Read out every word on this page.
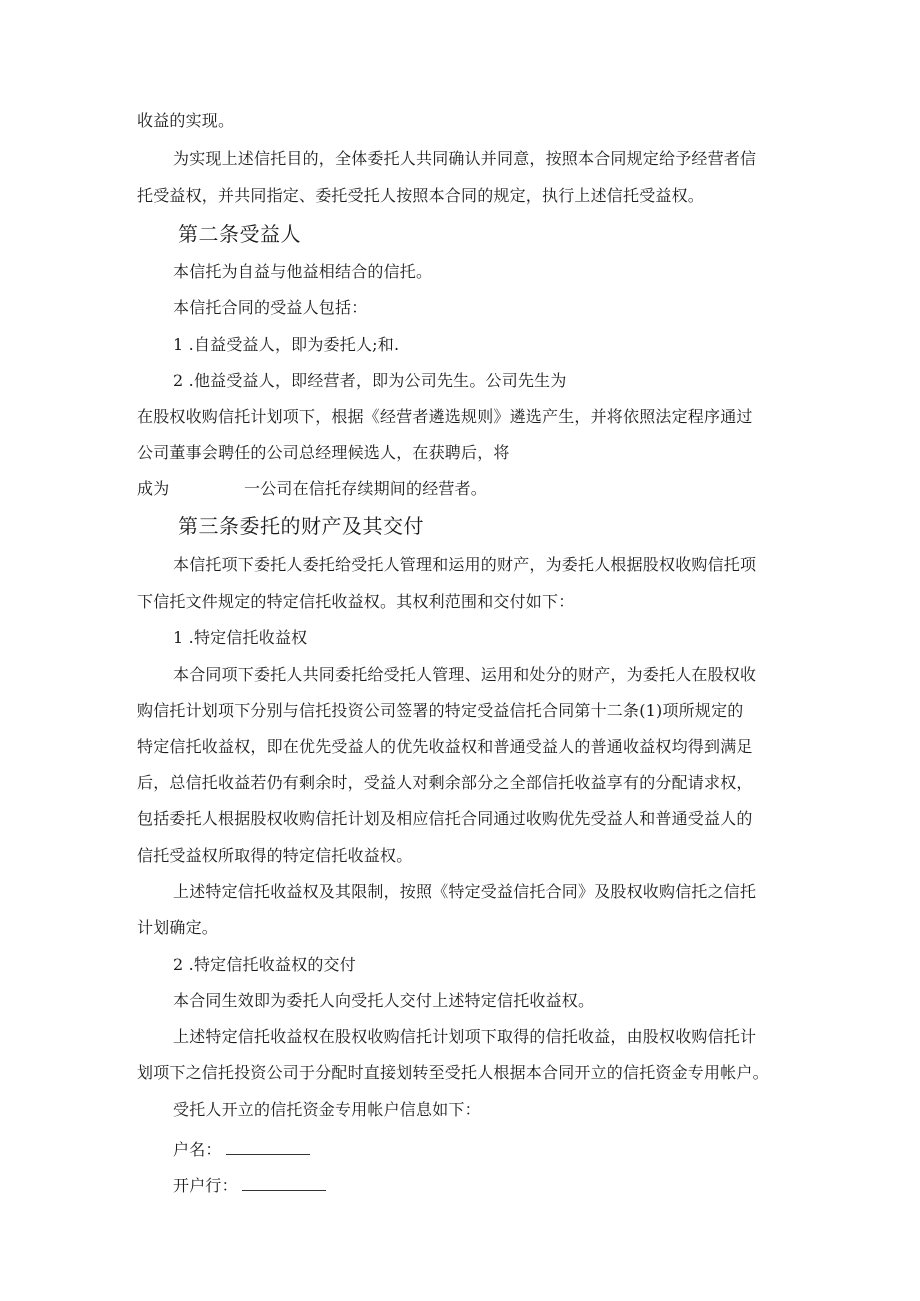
收益的实现。
为实现上述信托目的，全体委托人共同确认并同意，按照本合同规定给予经营者信
托受益权，并共同指定、委托受托人按照本合同的规定，执行上述信托受益权。
第二条受益人
本信托为自益与他益相结合的信托。
本信托合同的受益人包括：
1 .自益受益人，即为委托人;和.
2 .他益受益人，即经营者，即为公司先生。公司先生为
在股权收购信托计划项下，根据《经营者遴选规则》遴选产生，并将依照法定程序通过
公司董事会聘任的公司总经理候选人，在获聘后，将
成为	一公司在信托存续期间的经营者。
第三条委托的财产及其交付
本信托项下委托人委托给受托人管理和运用的财产，为委托人根据股权收购信托项
下信托文件规定的特定信托收益权。其权利范围和交付如下：
1 .特定信托收益权
本合同项下委托人共同委托给受托人管理、运用和处分的财产，为委托人在股权收
购信托计划项下分别与信托投资公司签署的特定受益信托合同第十二条(1)项所规定的
特定信托收益权，即在优先受益人的优先收益权和普通受益人的普通收益权均得到满足
后，总信托收益若仍有剩余时，受益人对剩余部分之全部信托收益享有的分配请求权，
包括委托人根据股权收购信托计划及相应信托合同通过收购优先受益人和普通受益人的
信托受益权所取得的特定信托收益权。
上述特定信托收益权及其限制，按照《特定受益信托合同》及股权收购信托之信托
计划确定。
2 .特定信托收益权的交付
本合同生效即为委托人向受托人交付上述特定信托收益权。
上述特定信托收益权在股权收购信托计划项下取得的信托收益，由股权收购信托计
划项下之信托投资公司于分配时直接划转至受托人根据本合同开立的信托资金专用帐户。
受托人开立的信托资金专用帐户信息如下：
户名：
开户行：
